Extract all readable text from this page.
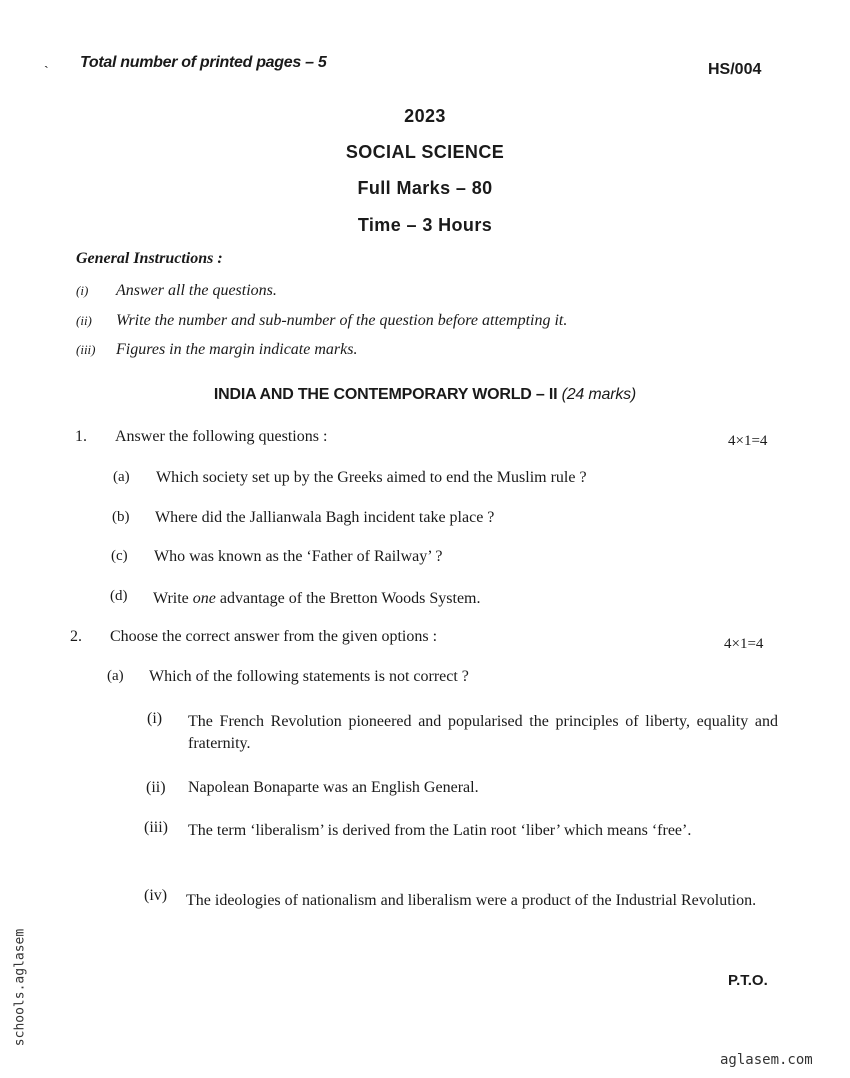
ˎ Total number of printed pages – 5	HS/004
2023
SOCIAL SCIENCE
Full Marks – 80
Time – 3 Hours
General Instructions :
(i) Answer all the questions.
(ii) Write the number and sub-number of the question before attempting it.
(iii) Figures in the margin indicate marks.
INDIA AND THE CONTEMPORARY WORLD – II (24 marks)
1. Answer the following questions :	4×1=4
(a) Which society set up by the Greeks aimed to end the Muslim rule ?
(b) Where did the Jallianwala Bagh incident take place ?
(c) Who was known as the ‘Father of Railway’ ?
(d) Write one advantage of the Bretton Woods System.
2. Choose the correct answer from the given options :	4×1=4
(a) Which of the following statements is not correct ?
(i) The French Revolution pioneered and popularised the principles of liberty, equality and fraternity.
(ii) Napolean Bonaparte was an English General.
(iii) The term ‘liberalism’ is derived from the Latin root ‘liber’ which means ‘free’.
(iv) The ideologies of nationalism and liberalism were a product of the Industrial Revolution.
P.T.O.
aglasem.com
schools.aglasem
